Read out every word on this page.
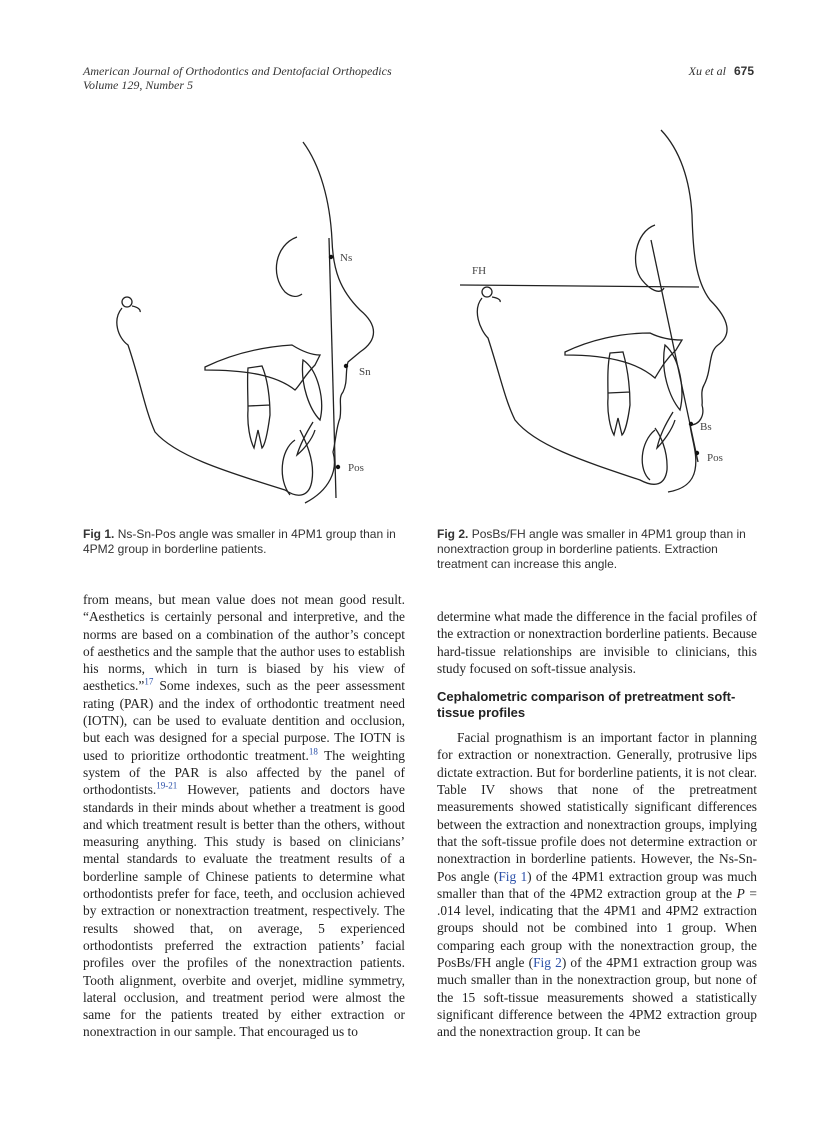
American Journal of Orthodontics and Dentofacial Orthopedics
Volume 129, Number 5
Xu et al 675
Ns
Sn
Pos
FH
Bs
Pos
Fig 1. Ns-Sn-Pos angle was smaller in 4PM1 group than in 4PM2 group in borderline patients.
Fig 2. PosBs/FH angle was smaller in 4PM1 group than in nonextraction group in borderline patients. Extraction treatment can increase this angle.

from means, but mean value does not mean good result. “Aesthetics is certainly personal and interpretive, and the norms are based on a combination of the author’s concept of aesthetics and the sample that the author uses to establish his norms, which in turn is biased by his view of aesthetics.”$^{17}$ Some indexes, such as the peer assessment rating (PAR) and the index of orthodontic treatment need (IOTN), can be used to evaluate dentition and occlusion, but each was designed for a special purpose. The IOTN is used to prioritize orthodontic treatment.$^{18}$ The weighting system of the PAR is also affected by the panel of orthodontists.$^{19-21}$ However, patients and doctors have standards in their minds about whether a treatment is good and which treatment result is better than the others, without measuring anything. This study is based on clinicians’ mental standards to evaluate the treatment results of a borderline sample of Chinese patients to determine what orthodontists prefer for face, teeth, and occlusion achieved by extraction or nonextraction treatment, respectively. The results showed that, on average, 5 experienced orthodontists preferred the extraction patients’ facial profiles over the profiles of the nonextraction patients. Tooth alignment, overbite and overjet, midline symmetry, lateral occlusion, and treatment period were almost the same for the patients treated by either extraction or nonextraction in our sample. That encouraged us to

determine what made the difference in the facial profiles of the extraction or nonextraction borderline patients. Because hard-tissue relationships are invisible to clinicians, this study focused on soft-tissue analysis.

Cephalometric comparison of pretreatment soft-tissue profiles

Facial prognathism is an important factor in planning for extraction or nonextraction. Generally, protrusive lips dictate extraction. But for borderline patients, it is not clear. Table IV shows that none of the pretreatment measurements showed statistically significant differences between the extraction and nonextraction groups, implying that the soft-tissue profile does not determine extraction or nonextraction in borderline patients. However, the Ns-Sn-Pos angle (Fig 1) of the 4PM1 extraction group was much smaller than that of the 4PM2 extraction group at the P = .014 level, indicating that the 4PM1 and 4PM2 extraction groups should not be combined into 1 group. When comparing each group with the nonextraction group, the PosBs/FH angle (Fig 2) of the 4PM1 extraction group was much smaller than in the nonextraction group, but none of the 15 soft-tissue measurements showed a statistically significant difference between the 4PM2 extraction group and the nonextraction group. It can be
